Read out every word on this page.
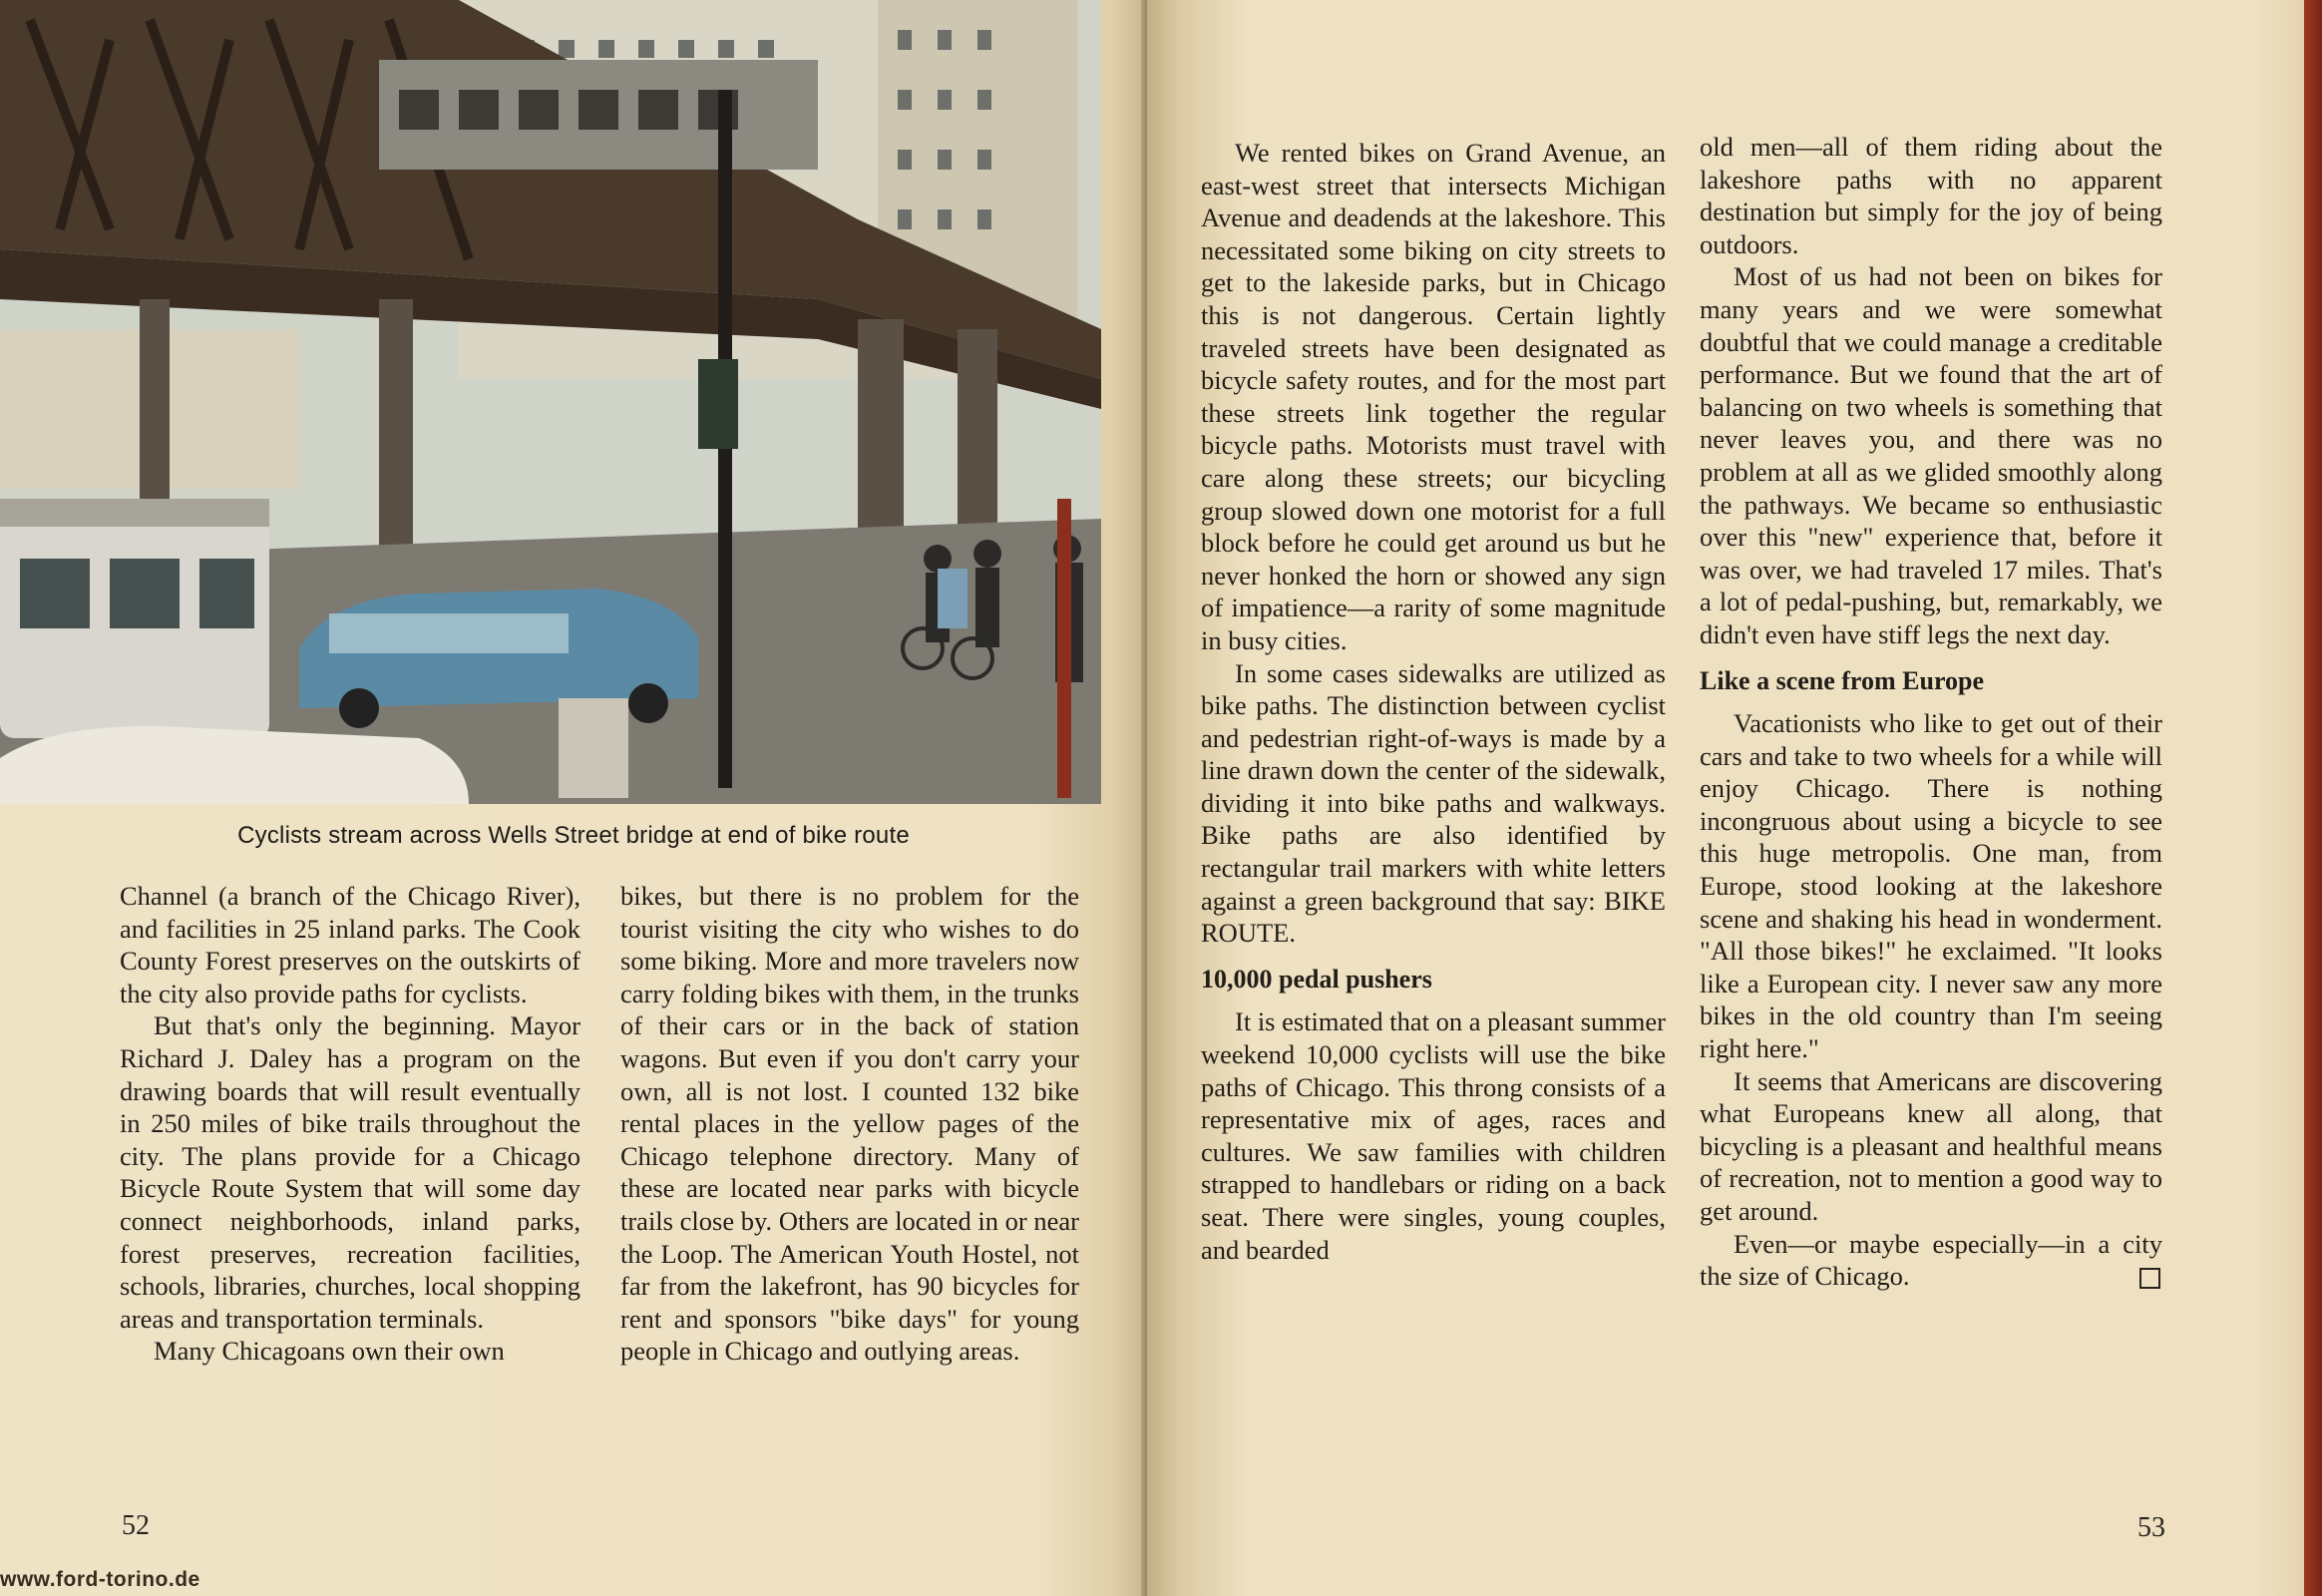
Cyclists stream across Wells Street bridge at end of bike route

Channel (a branch of the Chicago River), and facilities in 25 inland parks. The Cook County Forest preserves on the outskirts of the city also provide paths for cyclists.

But that's only the beginning. Mayor Richard J. Daley has a program on the drawing boards that will result eventually in 250 miles of bike trails throughout the city. The plans provide for a Chicago Bicycle Route System that will some day connect neighborhoods, inland parks, forest preserves, recreation facilities, schools, libraries, churches, local shopping areas and transportation terminals.

Many Chicagoans own their own

bikes, but there is no problem for the tourist visiting the city who wishes to do some biking. More and more travelers now carry folding bikes with them, in the trunks of their cars or in the back of station wagons. But even if you don't carry your own, all is not lost. I counted 132 bike rental places in the yellow pages of the Chicago telephone directory. Many of these are located near parks with bicycle trails close by. Others are located in or near the Loop. The American Youth Hostel, not far from the lakefront, has 90 bicycles for rent and sponsors "bike days" for young people in Chicago and outlying areas.

52

We rented bikes on Grand Avenue, an east-west street that intersects Michigan Avenue and deadends at the lakeshore. This necessitated some biking on city streets to get to the lakeside parks, but in Chicago this is not dangerous. Certain lightly traveled streets have been designated as bicycle safety routes, and for the most part these streets link together the regular bicycle paths. Motorists must travel with care along these streets; our bicycling group slowed down one motorist for a full block before he could get around us but he never honked the horn or showed any sign of impatience—a rarity of some magnitude in busy cities.

In some cases sidewalks are utilized as bike paths. The distinction between cyclist and pedestrian right-of-ways is made by a line drawn down the center of the sidewalk, dividing it into bike paths and walkways. Bike paths are also identified by rectangular trail markers with white letters against a green background that say: BIKE ROUTE.

10,000 pedal pushers

It is estimated that on a pleasant summer weekend 10,000 cyclists will use the bike paths of Chicago. This throng consists of a representative mix of ages, races and cultures. We saw families with children strapped to handlebars or riding on a back seat. There were singles, young couples, and bearded

old men—all of them riding about the lakeshore paths with no apparent destination but simply for the joy of being outdoors.

Most of us had not been on bikes for many years and we were somewhat doubtful that we could manage a creditable performance. But we found that the art of balancing on two wheels is something that never leaves you, and there was no problem at all as we glided smoothly along the pathways. We became so enthusiastic over this "new" experience that, before it was over, we had traveled 17 miles. That's a lot of pedal-pushing, but, remarkably, we didn't even have stiff legs the next day.

Like a scene from Europe

Vacationists who like to get out of their cars and take to two wheels for a while will enjoy Chicago. There is nothing incongruous about using a bicycle to see this huge metropolis. One man, from Europe, stood looking at the lakeshore scene and shaking his head in wonderment. "All those bikes!" he exclaimed. "It looks like a European city. I never saw any more bikes in the old country than I'm seeing right here."

It seems that Americans are discovering what Europeans knew all along, that bicycling is a pleasant and healthful means of recreation, not to mention a good way to get around.

Even—or maybe especially—in a city the size of Chicago.

53
www.ford-torino.de
